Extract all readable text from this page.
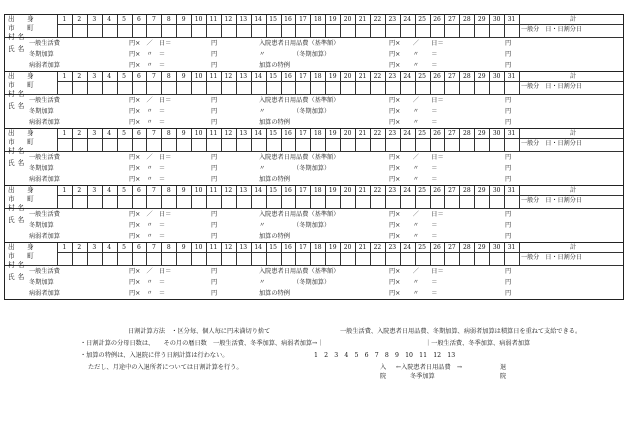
1	2	3	4	5	6	7	8	9	10	11	12	13	14	15	16	17	18	19	20	21	22	23	24	25	26	27	28	29	30	31	計
一般分　日・日割分日
出　身
市　町
村名
氏名
一般生活費	円×　／　日＝	円	入院患者日用品費（基準額）	円×　　／　　日＝	円
冬期加算	円×　〃　＝	円	〃　　　　　（冬期加算）	円×　　〃　　＝	円
病弱者加算	円×　〃　＝	円	加算の特例	円×　　〃　　＝	円
1	2	3	4	5	6	7	8	9	10	11	12	13	14	15	16	17	18	19	20	21	22	23	24	25	26	27	28	29	30	31	計
一般分　日・日割分日
出　身
市　町
村名
氏名
一般生活費	円×　／　日＝	円	入院患者日用品費（基準額）	円×　　／　　日＝	円
冬期加算	円×　〃　＝	円	〃　　　　　（冬期加算）	円×　　〃　　＝	円
病弱者加算	円×　〃　＝	円	加算の特例	円×　　〃　　＝	円
1	2	3	4	5	6	7	8	9	10	11	12	13	14	15	16	17	18	19	20	21	22	23	24	25	26	27	28	29	30	31	計
一般分　日・日割分日
出　身
市　町
村名
氏名
一般生活費	円×　／　日＝	円	入院患者日用品費（基準額）	円×　　／　　日＝	円
冬期加算	円×　〃　＝	円	〃　　　　　（冬期加算）	円×　　〃　　＝	円
病弱者加算	円×　〃　＝	円	加算の特例	円×　　〃　　＝	円
1	2	3	4	5	6	7	8	9	10	11	12	13	14	15	16	17	18	19	20	21	22	23	24	25	26	27	28	29	30	31	計
一般分　日・日割分日
出　身
市　町
村名
氏名
一般生活費	円×　／　日＝	円	入院患者日用品費（基準額）	円×　　／　　日＝	円
冬期加算	円×　〃　＝	円	〃　　　　　（冬期加算）	円×　　〃　　＝	円
病弱者加算	円×　〃　＝	円	加算の特例	円×　　〃　　＝	円
1	2	3	4	5	6	7	8	9	10	11	12	13	14	15	16	17	18	19	20	21	22	23	24	25	26	27	28	29	30	31	計
一般分　日・日割分日
出　身
市　町
村名
氏名
一般生活費	円×　／　日＝	円	入院患者日用品費（基準額）	円×　　／　　日＝	円
冬期加算	円×　〃　＝	円	〃　　　　　（冬期加算）	円×　　〃　　＝	円
病弱者加算	円×　〃　＝	円	加算の特例	円×　　〃　　＝	円
日割計算方法　・区分毎、個人毎に円未満切り捨て	一般生活費、入院患者日用品費、冬期加算、病弱者加算は積算日を重ねて支給できる。
・日割計算の分母日数は、　　その月の暦日数　一般生活費、冬季加算、病弱者加算→｜	｜一般生活費、冬季加算、病弱者加算
・加算の特例は、入退院に伴う日割計算は行わない。	1　2　3　4　5　6　7　8　9　10　11　12　13
ただし、月途中の入退所者については日割計算を行う。	入
院
←入院患者日用品費　→
冬季加算
退
院
